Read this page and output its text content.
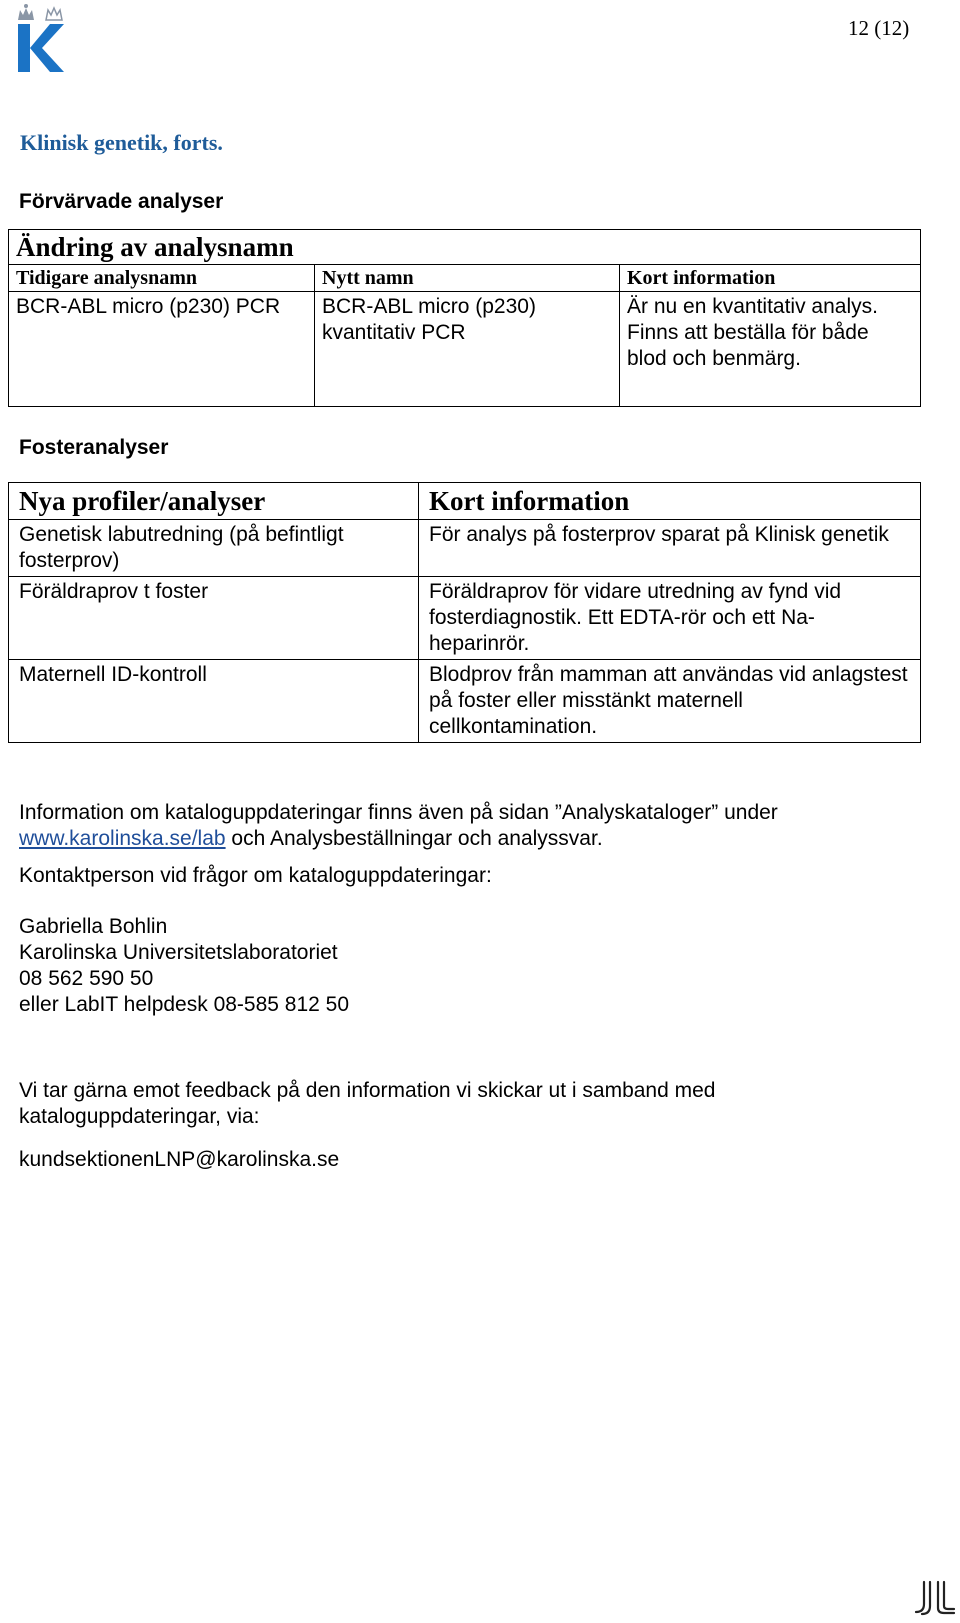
12 (12)
Klinisk genetik, forts.
Förvärvade analyser
Ändring av analysnamn		
Tidigare analysnamn	Nytt namn	Kort information
BCR-ABL micro (p230) PCR	BCR-ABL micro (p230) kvantitativ PCR	Är nu en kvantitativ analys. Finns att beställa för både blod och benmärg.
Fosteranalyser
Nya profiler/analyser	Kort information
Genetisk labutredning (på befintligt fosterprov)	För analys på fosterprov sparat på Klinisk genetik
Föräldraprov t foster	Föräldraprov för vidare utredning av fynd vid fosterdiagnostik. Ett EDTA-rör och ett Na-heparinrör.
Maternell ID-kontroll	Blodprov från mamman att användas vid anlagstest på foster eller misstänkt maternell cellkontamination.
Information om kataloguppdateringar finns även på sidan ”Analyskataloger” under
www.karolinska.se/lab och Analysbeställningar och analyssvar.
Kontaktperson vid frågor om kataloguppdateringar:
Gabriella Bohlin
Karolinska Universitetslaboratoriet
08 562 590 50
eller LabIT helpdesk 08-585 812 50
Vi tar gärna emot feedback på den information vi skickar ut i samband med kataloguppdateringar, via:
kundsektionenLNP@karolinska.se
